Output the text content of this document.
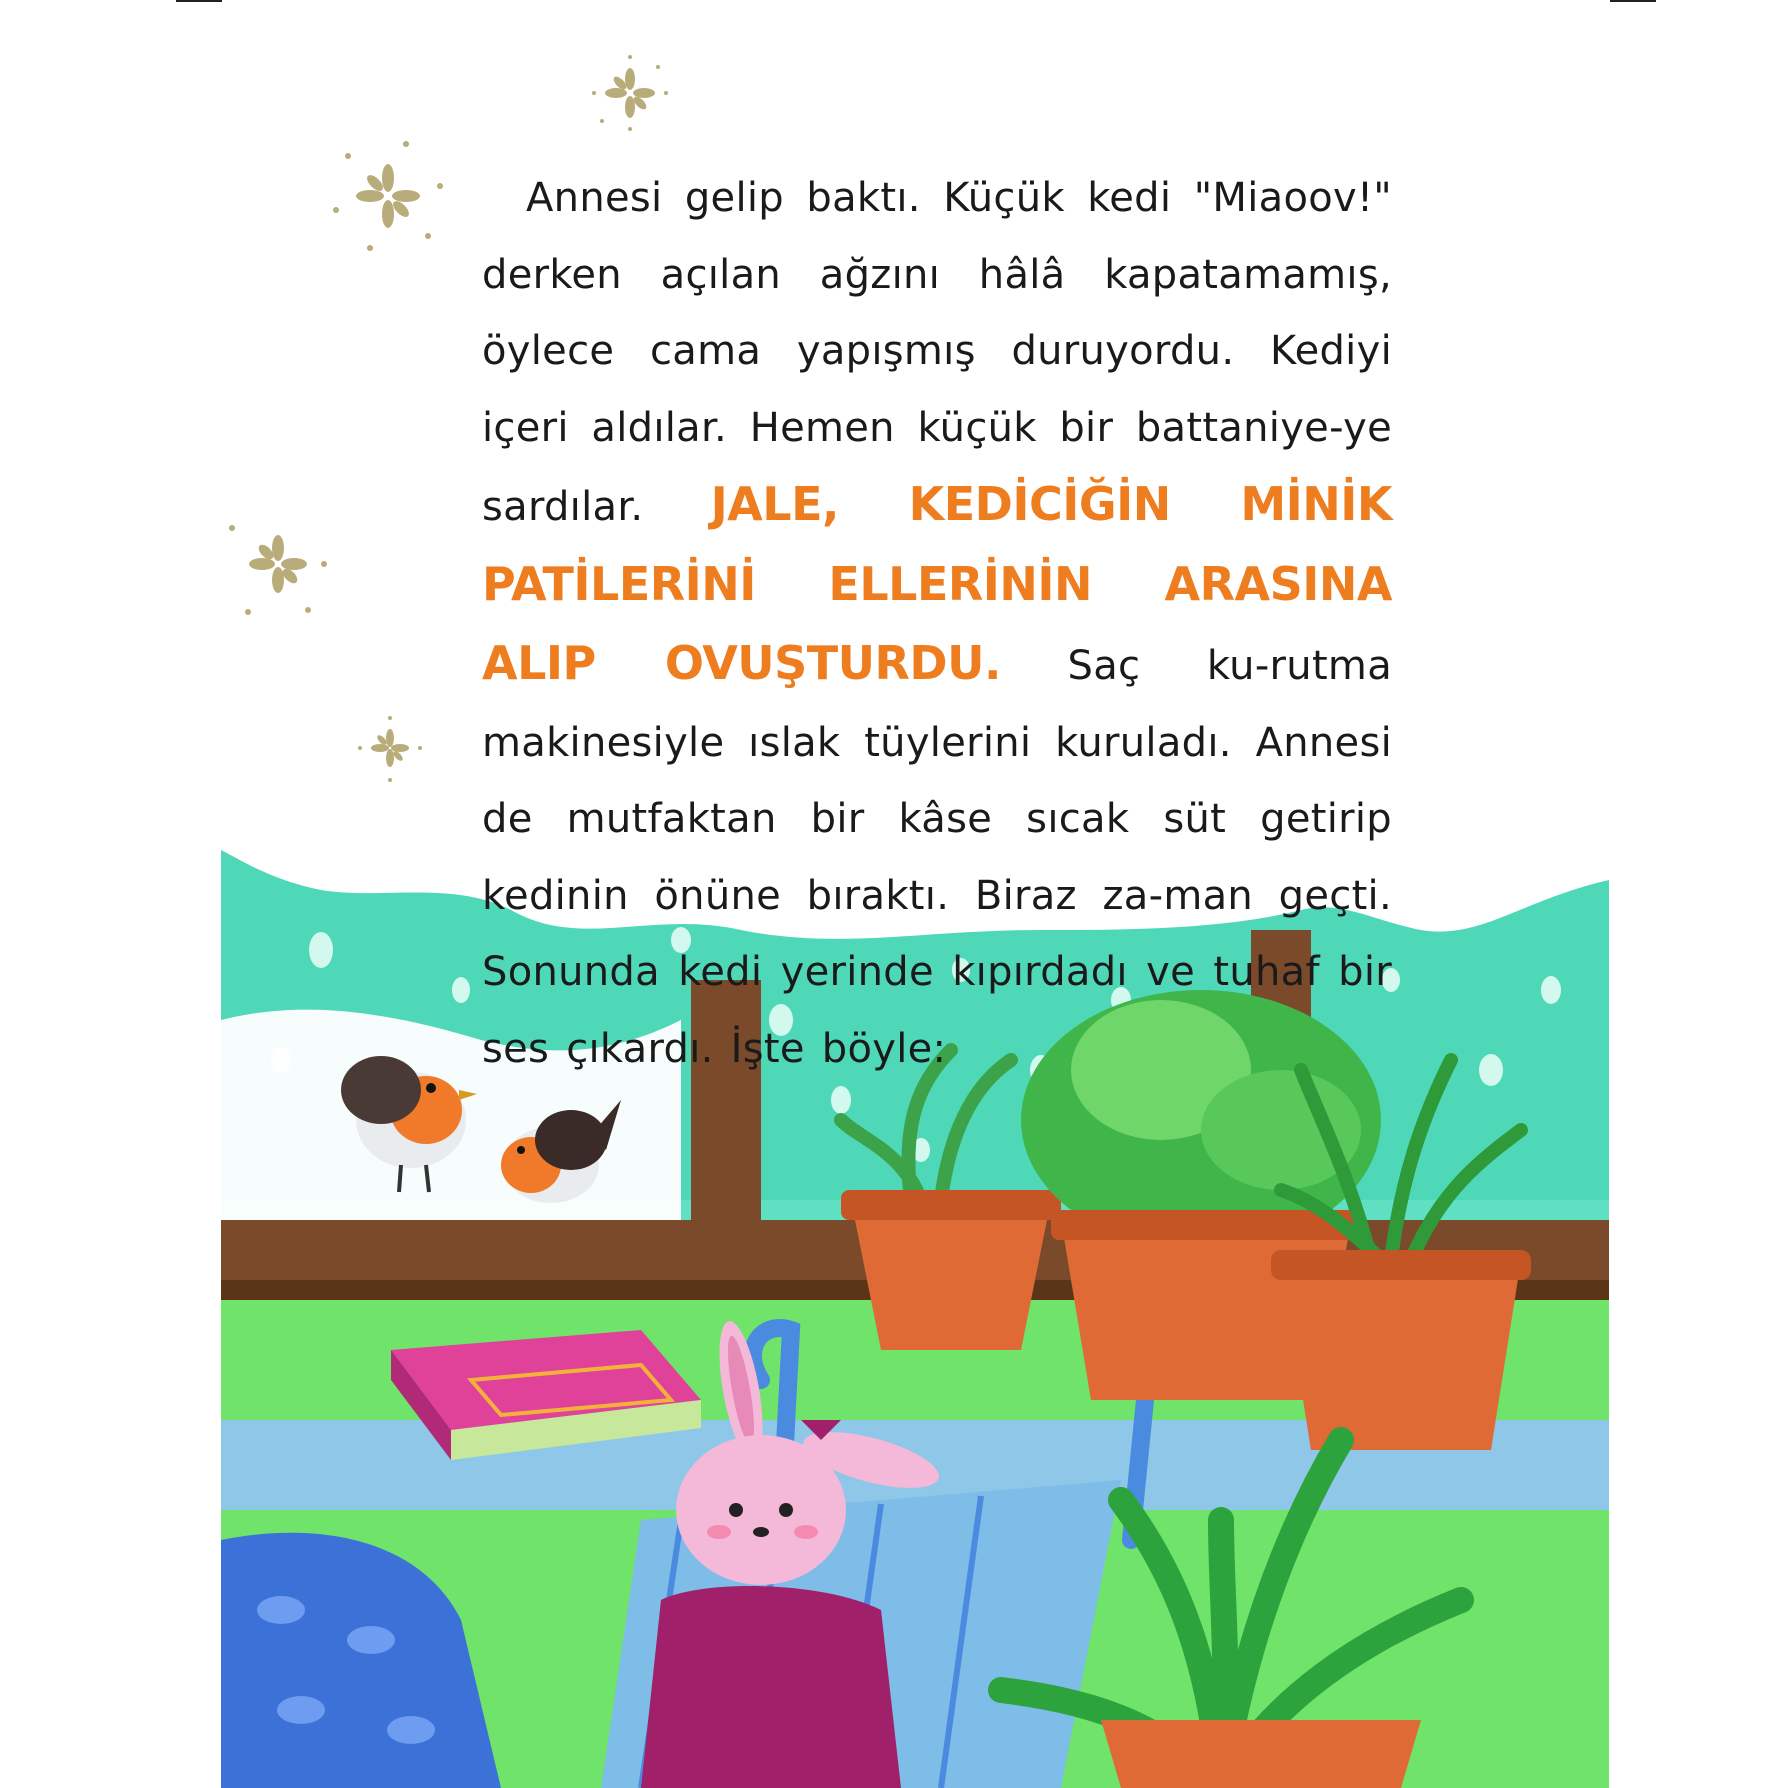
Annesi gelip baktı. Küçük kedi "Miaoov!" derken açılan ağzını hâlâ kapatamamış, öylece cama yapışmış duruyordu. Kediyi içeri aldılar. Hemen küçük bir battaniye-ye sardılar. JALE, KEDİCİĞİN MİNİK PATİLERİNİ ELLERİNİN ARASINA ALIP OVUŞTURDU. Saç ku-rutma makinesiyle ıslak tüylerini kuruladı. Annesi de mutfaktan bir kâse sıcak süt getirip kedinin önüne bıraktı. Biraz za-man geçti. Sonunda kedi yerinde kıpırdadı ve tuhaf bir ses çıkardı. İşte böyle:
